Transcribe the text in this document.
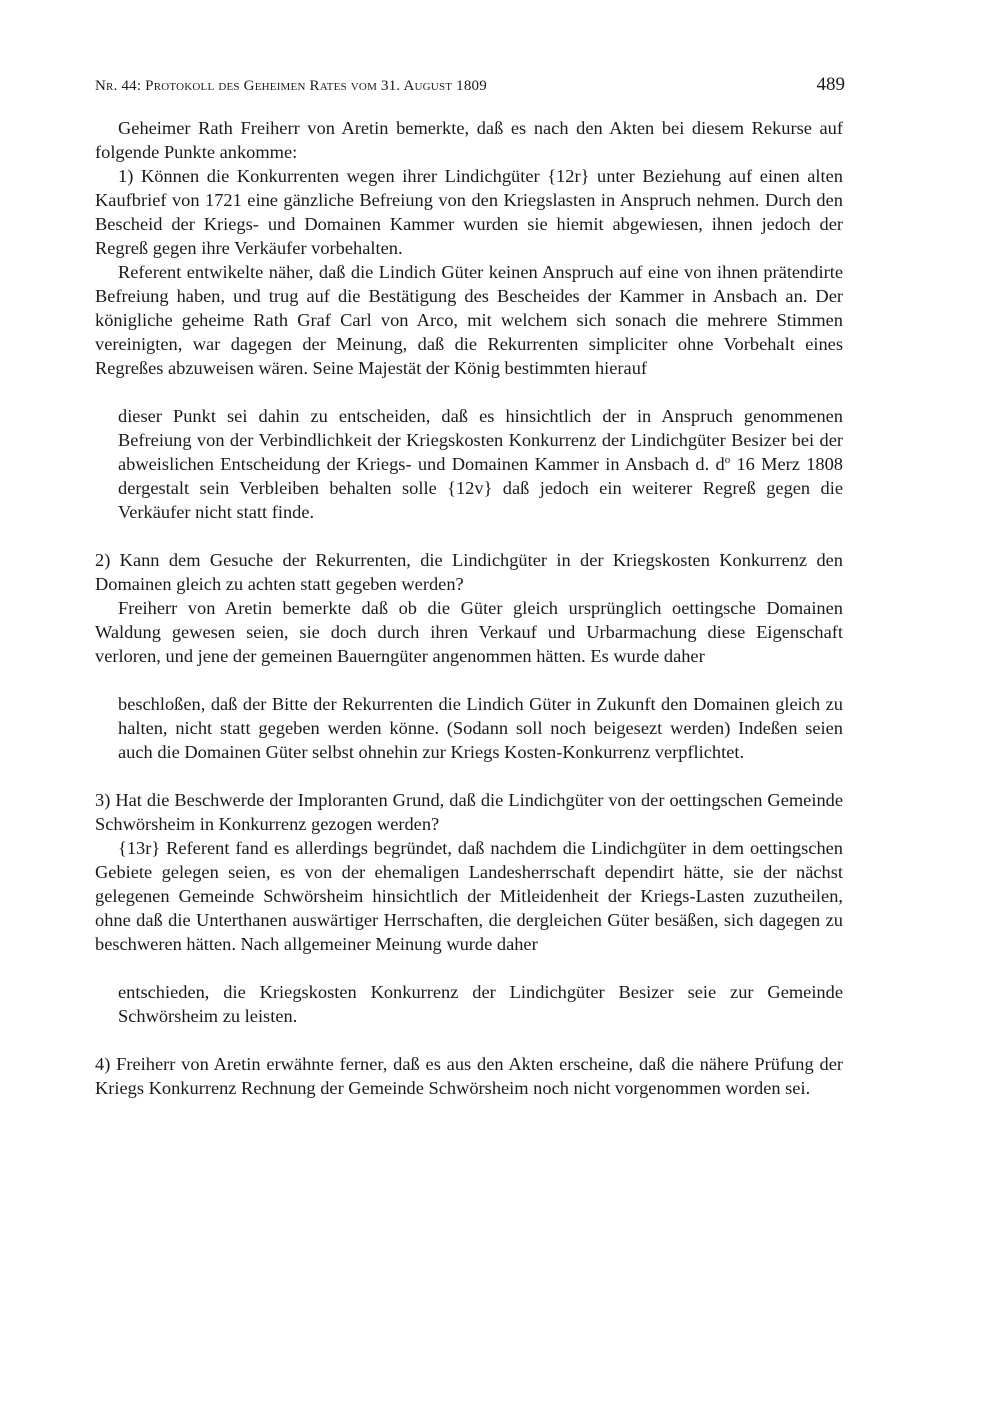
Nr. 44: Protokoll des Geheimen Rates vom 31. August 1809	489

Geheimer Rath Freiherr von Aretin bemerkte, daß es nach den Akten bei diesem Rekurse auf folgende Punkte ankomme:

1) Können die Konkurrenten wegen ihrer Lindichgüter {12r} unter Beziehung auf einen alten Kaufbrief von 1721 eine gänzliche Befreiung von den Kriegslasten in Anspruch nehmen. Durch den Bescheid der Kriegs- und Domainen Kammer wurden sie hiemit abgewiesen, ihnen jedoch der Regreß gegen ihre Verkäufer vorbehalten.

Referent entwikelte näher, daß die Lindich Güter keinen Anspruch auf eine von ihnen prätendirte Befreiung haben, und trug auf die Bestätigung des Bescheides der Kammer in Ansbach an. Der königliche geheime Rath Graf Carl von Arco, mit welchem sich sonach die mehrere Stimmen vereinigten, war dagegen der Meinung, daß die Rekurrenten simpliciter ohne Vorbehalt eines Regreßes abzuweisen wären. Seine Majestät der König bestimmten hierauf

dieser Punkt sei dahin zu entscheiden, daß es hinsichtlich der in Anspruch genommenen Befreiung von der Verbindlichkeit der Kriegskosten Konkurrenz der Lindichgüter Besizer bei der abweislichen Entscheidung der Kriegs- und Domainen Kammer in Ansbach d. $d^o$ 16 Merz 1808 dergestalt sein Verbleiben behalten solle {12v} daß jedoch ein weiterer Regreß gegen die Verkäufer nicht statt finde.

2) Kann dem Gesuche der Rekurrenten, die Lindichgüter in der Kriegskosten Konkurrenz den Domainen gleich zu achten statt gegeben werden?

Freiherr von Aretin bemerkte daß ob die Güter gleich ursprünglich oettingsche Domainen Waldung gewesen seien, sie doch durch ihren Verkauf und Urbarmachung diese Eigenschaft verloren, und jene der gemeinen Bauerngüter angenommen hätten. Es wurde daher

beschloßen, daß der Bitte der Rekurrenten die Lindich Güter in Zukunft den Domainen gleich zu halten, nicht statt gegeben werden könne. (Sodann soll noch beigesezt werden) Indeßen seien auch die Domainen Güter selbst ohnehin zur Kriegs Kosten-Konkurrenz verpflichtet.

3) Hat die Beschwerde der Imploranten Grund, daß die Lindichgüter von der oettingschen Gemeinde Schwörsheim in Konkurrenz gezogen werden?

{13r} Referent fand es allerdings begründet, daß nachdem die Lindichgüter in dem oettingschen Gebiete gelegen seien, es von der ehemaligen Landesherrschaft dependirt hätte, sie der nächst gelegenen Gemeinde Schwörsheim hinsichtlich der Mitleidenheit der Kriegs-Lasten zuzutheilen, ohne daß die Unterthanen auswärtiger Herrschaften, die dergleichen Güter besäßen, sich dagegen zu beschweren hätten. Nach allgemeiner Meinung wurde daher

entschieden, die Kriegskosten Konkurrenz der Lindichgüter Besizer seie zur Gemeinde Schwörsheim zu leisten.

4) Freiherr von Aretin erwähnte ferner, daß es aus den Akten erscheine, daß die nähere Prüfung der Kriegs Konkurrenz Rechnung der Gemeinde Schwörsheim noch nicht vorgenommen worden sei.
